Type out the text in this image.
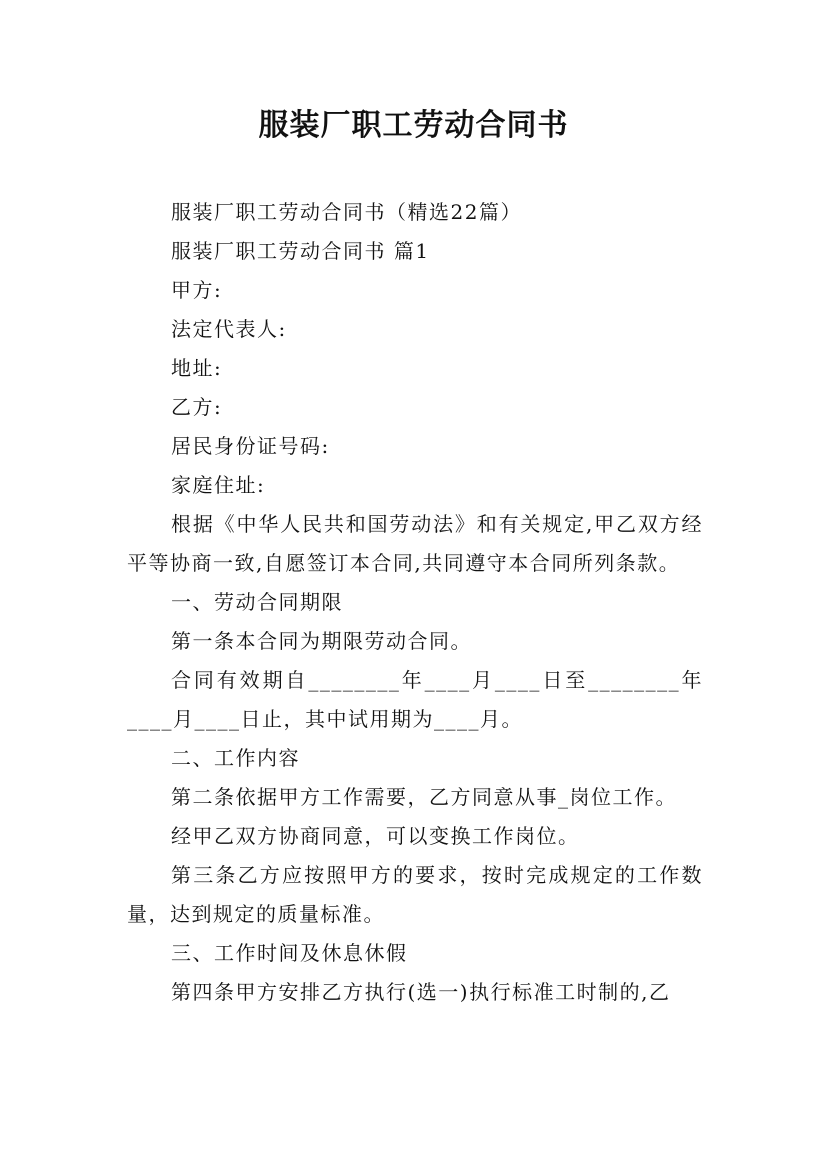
服装厂职工劳动合同书

服装厂职工劳动合同书（精选22篇）

服装厂职工劳动合同书 篇1

甲方:

法定代表人:

地址:

乙方:

居民身份证号码:

家庭住址:

根据《中华人民共和国劳动法》和有关规定,甲乙双方经平等协商一致,自愿签订本合同,共同遵守本合同所列条款。

一、劳动合同期限

第一条本合同为期限劳动合同。

合同有效期自________年____月____日至________年____月____日止，其中试用期为____月。

二、工作内容

第二条依据甲方工作需要，乙方同意从事_岗位工作。

经甲乙双方协商同意，可以变换工作岗位。

第三条乙方应按照甲方的要求，按时完成规定的工作数量，达到规定的质量标准。

三、工作时间及休息休假

第四条甲方安排乙方执行(选一)执行标准工时制的,乙
